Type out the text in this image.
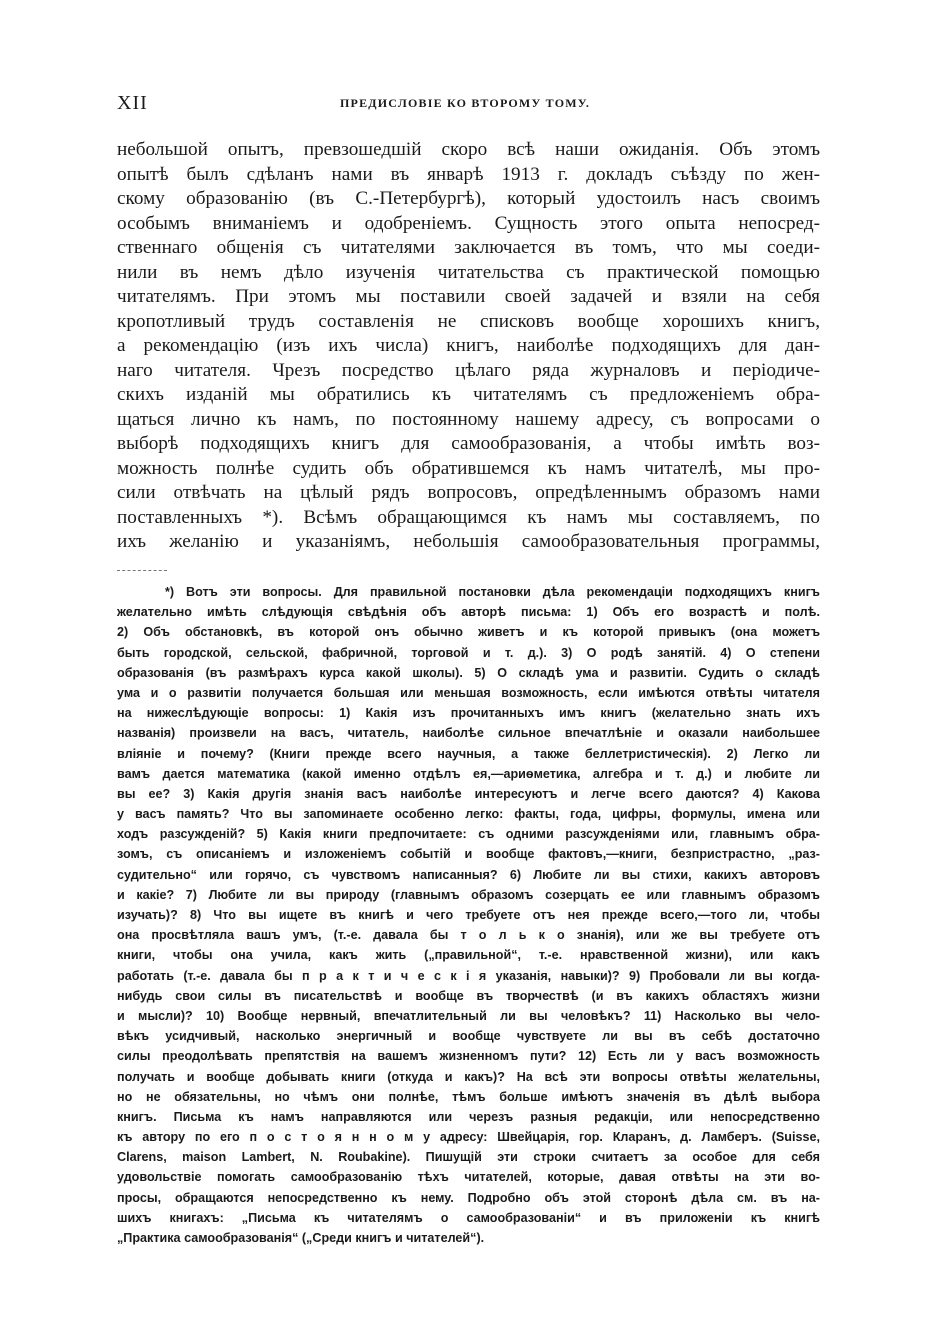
XII	ПРЕДИСЛОВІЕ КО ВТОРОМУ ТОМУ.
небольшой опытъ, превзошедшій скоро всѣ наши ожиданія. Объ этомъ
опытѣ былъ сдѣланъ нами въ январѣ 1913 г. докладъ съѣзду по жен-
скому образованію (въ С.-Петербургѣ), который удостоилъ насъ своимъ
особымъ вниманіемъ и одобреніемъ. Сущность этого опыта непосред-
ственнаго общенія съ читателями заключается въ томъ, что мы соеди-
нили въ немъ дѣло изученія читательства съ практической помощью
читателямъ. При этомъ мы поставили своей задачей и взяли на себя
кропотливый трудъ составленія не списковъ вообще хорошихъ книгъ,
а рекомендацію (изъ ихъ числа) книгъ, наиболѣе подходящихъ для дан-
наго читателя. Чрезъ посредство цѣлаго ряда журналовъ и періодиче-
скихъ изданій мы обратились къ читателямъ съ предложеніемъ обра-
щаться лично къ намъ, по постоянному нашему адресу, съ вопросами о
выборѣ подходящихъ книгъ для самообразованія, а чтобы имѣть воз-
можность полнѣе судить объ обратившемся къ намъ читателѣ, мы про-
сили отвѣчать на цѣлый рядъ вопросовъ, опредѣленнымъ образомъ нами
поставленныхъ *). Всѣмъ обращающимся къ намъ мы составляемъ, по
ихъ желанію и указаніямъ, небольшія самообразовательныя программы,
*) Вотъ эти вопросы. Для правильной постановки дѣла рекомендаціи подходящихъ книгъ
желательно имѣть слѣдующія свѣдѣнія объ авторѣ письма: 1) Объ его возрастѣ и полѣ.
2) Объ обстановкѣ, въ которой онъ обычно живетъ и къ которой привыкъ (она можетъ
быть городской, сельской, фабричной, торговой и т. д.). 3) О родѣ занятій. 4) О степени
образованія (въ размѣрахъ курса какой школы). 5) О складѣ ума и развитіи. Судить о складѣ
ума и о развитіи получается большая или меньшая возможность, если имѣются отвѣты читателя
на нижеслѣдующіе вопросы: 1) Какія изъ прочитанныхъ имъ книгъ (желательно знать ихъ
названія) произвели на васъ, читатель, наиболѣе сильное впечатлѣніе и оказали наибольшее
вліяніе и почему? (Книги прежде всего научныя, а также беллетристическія). 2) Легко ли
вамъ дается математика (какой именно отдѣлъ ея,—ариѳметика, алгебра и т. д.) и любите ли
вы ее? 3) Какія другія знанія васъ наиболѣе интересуютъ и легче всего даются? 4) Какова
у васъ память? Что вы запоминаете особенно легко: факты, года, цифры, формулы, имена или
ходъ разсужденій? 5) Какія книги предпочитаете: съ одними разсужденіями или, главнымъ обра-
зомъ, съ описаніемъ и изложеніемъ событій и вообще фактовъ,—книги, безпристрастно, „раз-
судительно“ или горячо, съ чувствомъ написанныя? 6) Любите ли вы стихи, какихъ авторовъ
и какіе? 7) Любите ли вы природу (главнымъ образомъ созерцать ее или главнымъ образомъ
изучать)? 8) Что вы ищете въ книгѣ и чего требуете отъ нея прежде всего,—того ли, чтобы
она просвѣтляла вашъ умъ, (т.-е. давала бы т о л ь к о знанія), или же вы требуете отъ
книги, чтобы она учила, какъ жить („правильной“, т.-е. нравственной жизни), или какъ
работать (т.-е. давала бы п р а к т и ч е с к і я указанія, навыки)? 9) Пробовали ли вы когда-
нибудь свои силы въ писательствѣ и вообще въ творчествѣ (и въ какихъ областяхъ жизни
и мысли)? 10) Вообще нервный, впечатлительный ли вы человѣкъ? 11) Насколько вы чело-
вѣкъ усидчивый, насколько энергичный и вообще чувствуете ли вы въ себѣ достаточно
силы преодолѣвать препятствія на вашемъ жизненномъ пути? 12) Есть ли у васъ возможность
получать и вообще добывать книги (откуда и какъ)? На всѣ эти вопросы отвѣты желательны,
но не обязательны, но чѣмъ они полнѣе, тѣмъ больше имѣютъ значенія въ дѣлѣ выбора
книгъ. Письма къ намъ направляются или черезъ разныя редакціи, или непосредственно
къ автору по его п о с т о я н н о м у адресу: Швейцарія, гор. Кларанъ, д. Ламберъ. (Suisse,
Clarens, maison Lambert, N. Roubakine). Пишущій эти строки считаетъ за особое для себя
удовольствіе помогать самообразованію тѣхъ читателей, которые, давая отвѣты на эти во-
просы, обращаются непосредственно къ нему. Подробно объ этой сторонѣ дѣла см. въ на-
шихъ книгахъ: „Письма къ читателямъ о самообразованіи“ и въ приложеніи къ книгѣ
„Практика самообразованія“ („Среди книгъ и читателей“).
